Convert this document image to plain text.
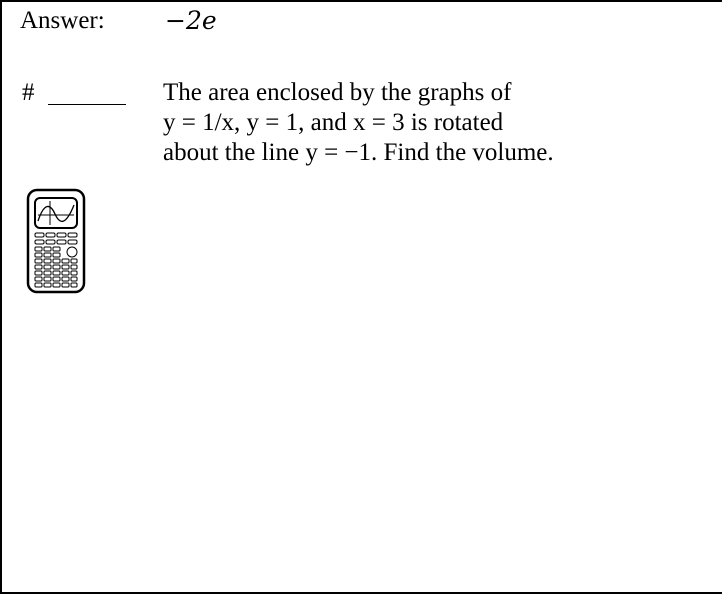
Answer: −2e
#	The area enclosed by the graphs of
y = 1/x, y = 1, and x = 3 is rotated
about the line y = −1. Find the volume.
